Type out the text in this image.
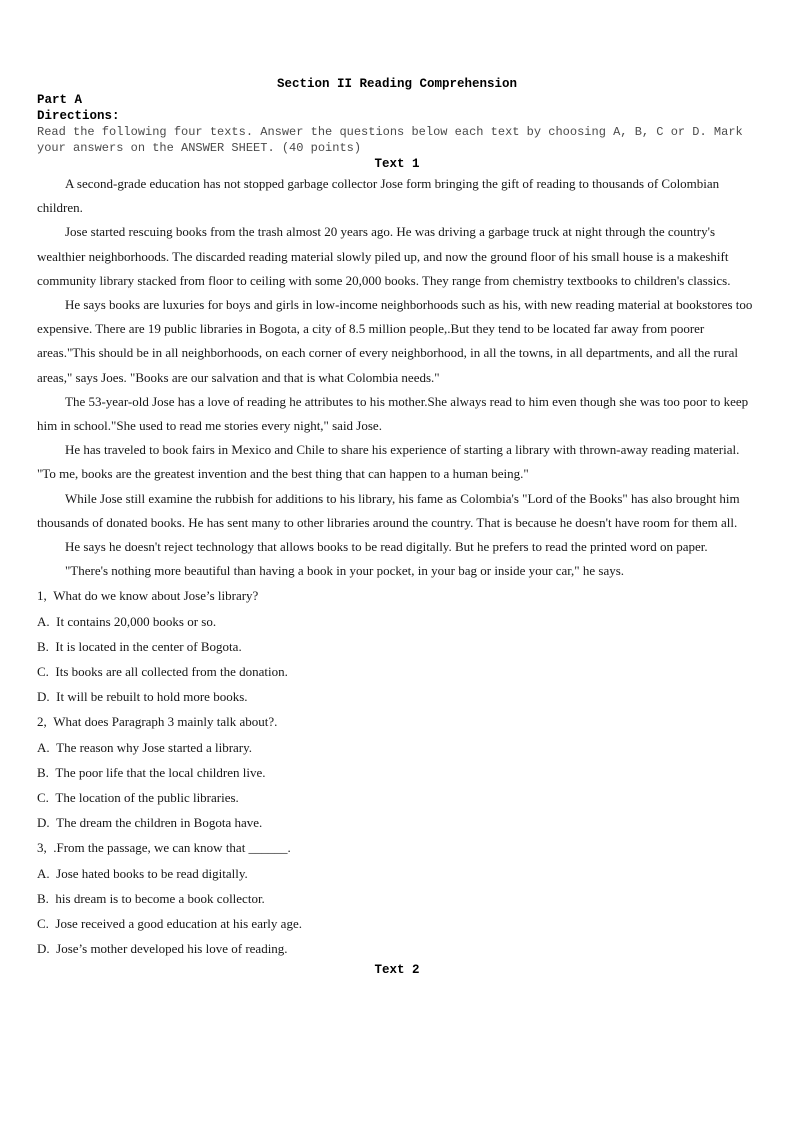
Section II Reading Comprehension
Part A
Directions:
Read the following four texts. Answer the questions below each text by choosing A, B, C or D. Mark your answers on the ANSWER SHEET. (40 points)
Text 1

A second-grade education has not stopped garbage collector Jose form bringing the gift of reading to thousands of Colombian children.

Jose started rescuing books from the trash almost 20 years ago. He was driving a garbage truck at night through the country's wealthier neighborhoods. The discarded reading material slowly piled up, and now the ground floor of his small house is a makeshift community library stacked from floor to ceiling with some 20,000 books. They range from chemistry textbooks to children's classics.

He says books are luxuries for boys and girls in low-income neighborhoods such as his, with new reading material at bookstores too expensive. There are 19 public libraries in Bogota, a city of 8.5 million people,.But they tend to be located far away from poorer areas."This should be in all neighborhoods, on each corner of every neighborhood, in all the towns, in all departments, and all the rural areas," says Joes. "Books are our salvation and that is what Colombia needs."

The 53-year-old Jose has a love of reading he attributes to his mother.She always read to him even though she was too poor to keep him in school."She used to read me stories every night," said Jose.

He has traveled to book fairs in Mexico and Chile to share his experience of starting a library with thrown-away reading material. "To me, books are the greatest invention and the best thing that can happen to a human being."

While Jose still examine the rubbish for additions to his library, his fame as Colombia's "Lord of the Books" has also brought him thousands of donated books. He has sent many to other libraries around the country. That is because he doesn't have room for them all.

He says he doesn't reject technology that allows books to be read digitally. But he prefers to read the printed word on paper.

"There's nothing more beautiful than having a book in your pocket, in your bag or inside your car," he says.

1,  What do we know about Jose’s library?
A.  It contains 20,000 books or so.
B.  It is located in the center of Bogota.
C.  Its books are all collected from the donation.
D.  It will be rebuilt to hold more books.
2,  What does Paragraph 3 mainly talk about?.
A.  The reason why Jose started a library.
B.  The poor life that the local children live.
C.  The location of the public libraries.
D.  The dream the children in Bogota have.
3,  .From the passage, we can know that ______.
A.  Jose hated books to be read digitally.
B.  his dream is to become a book collector.
C.  Jose received a good education at his early age.
D.  Jose’s mother developed his love of reading.
Text 2
